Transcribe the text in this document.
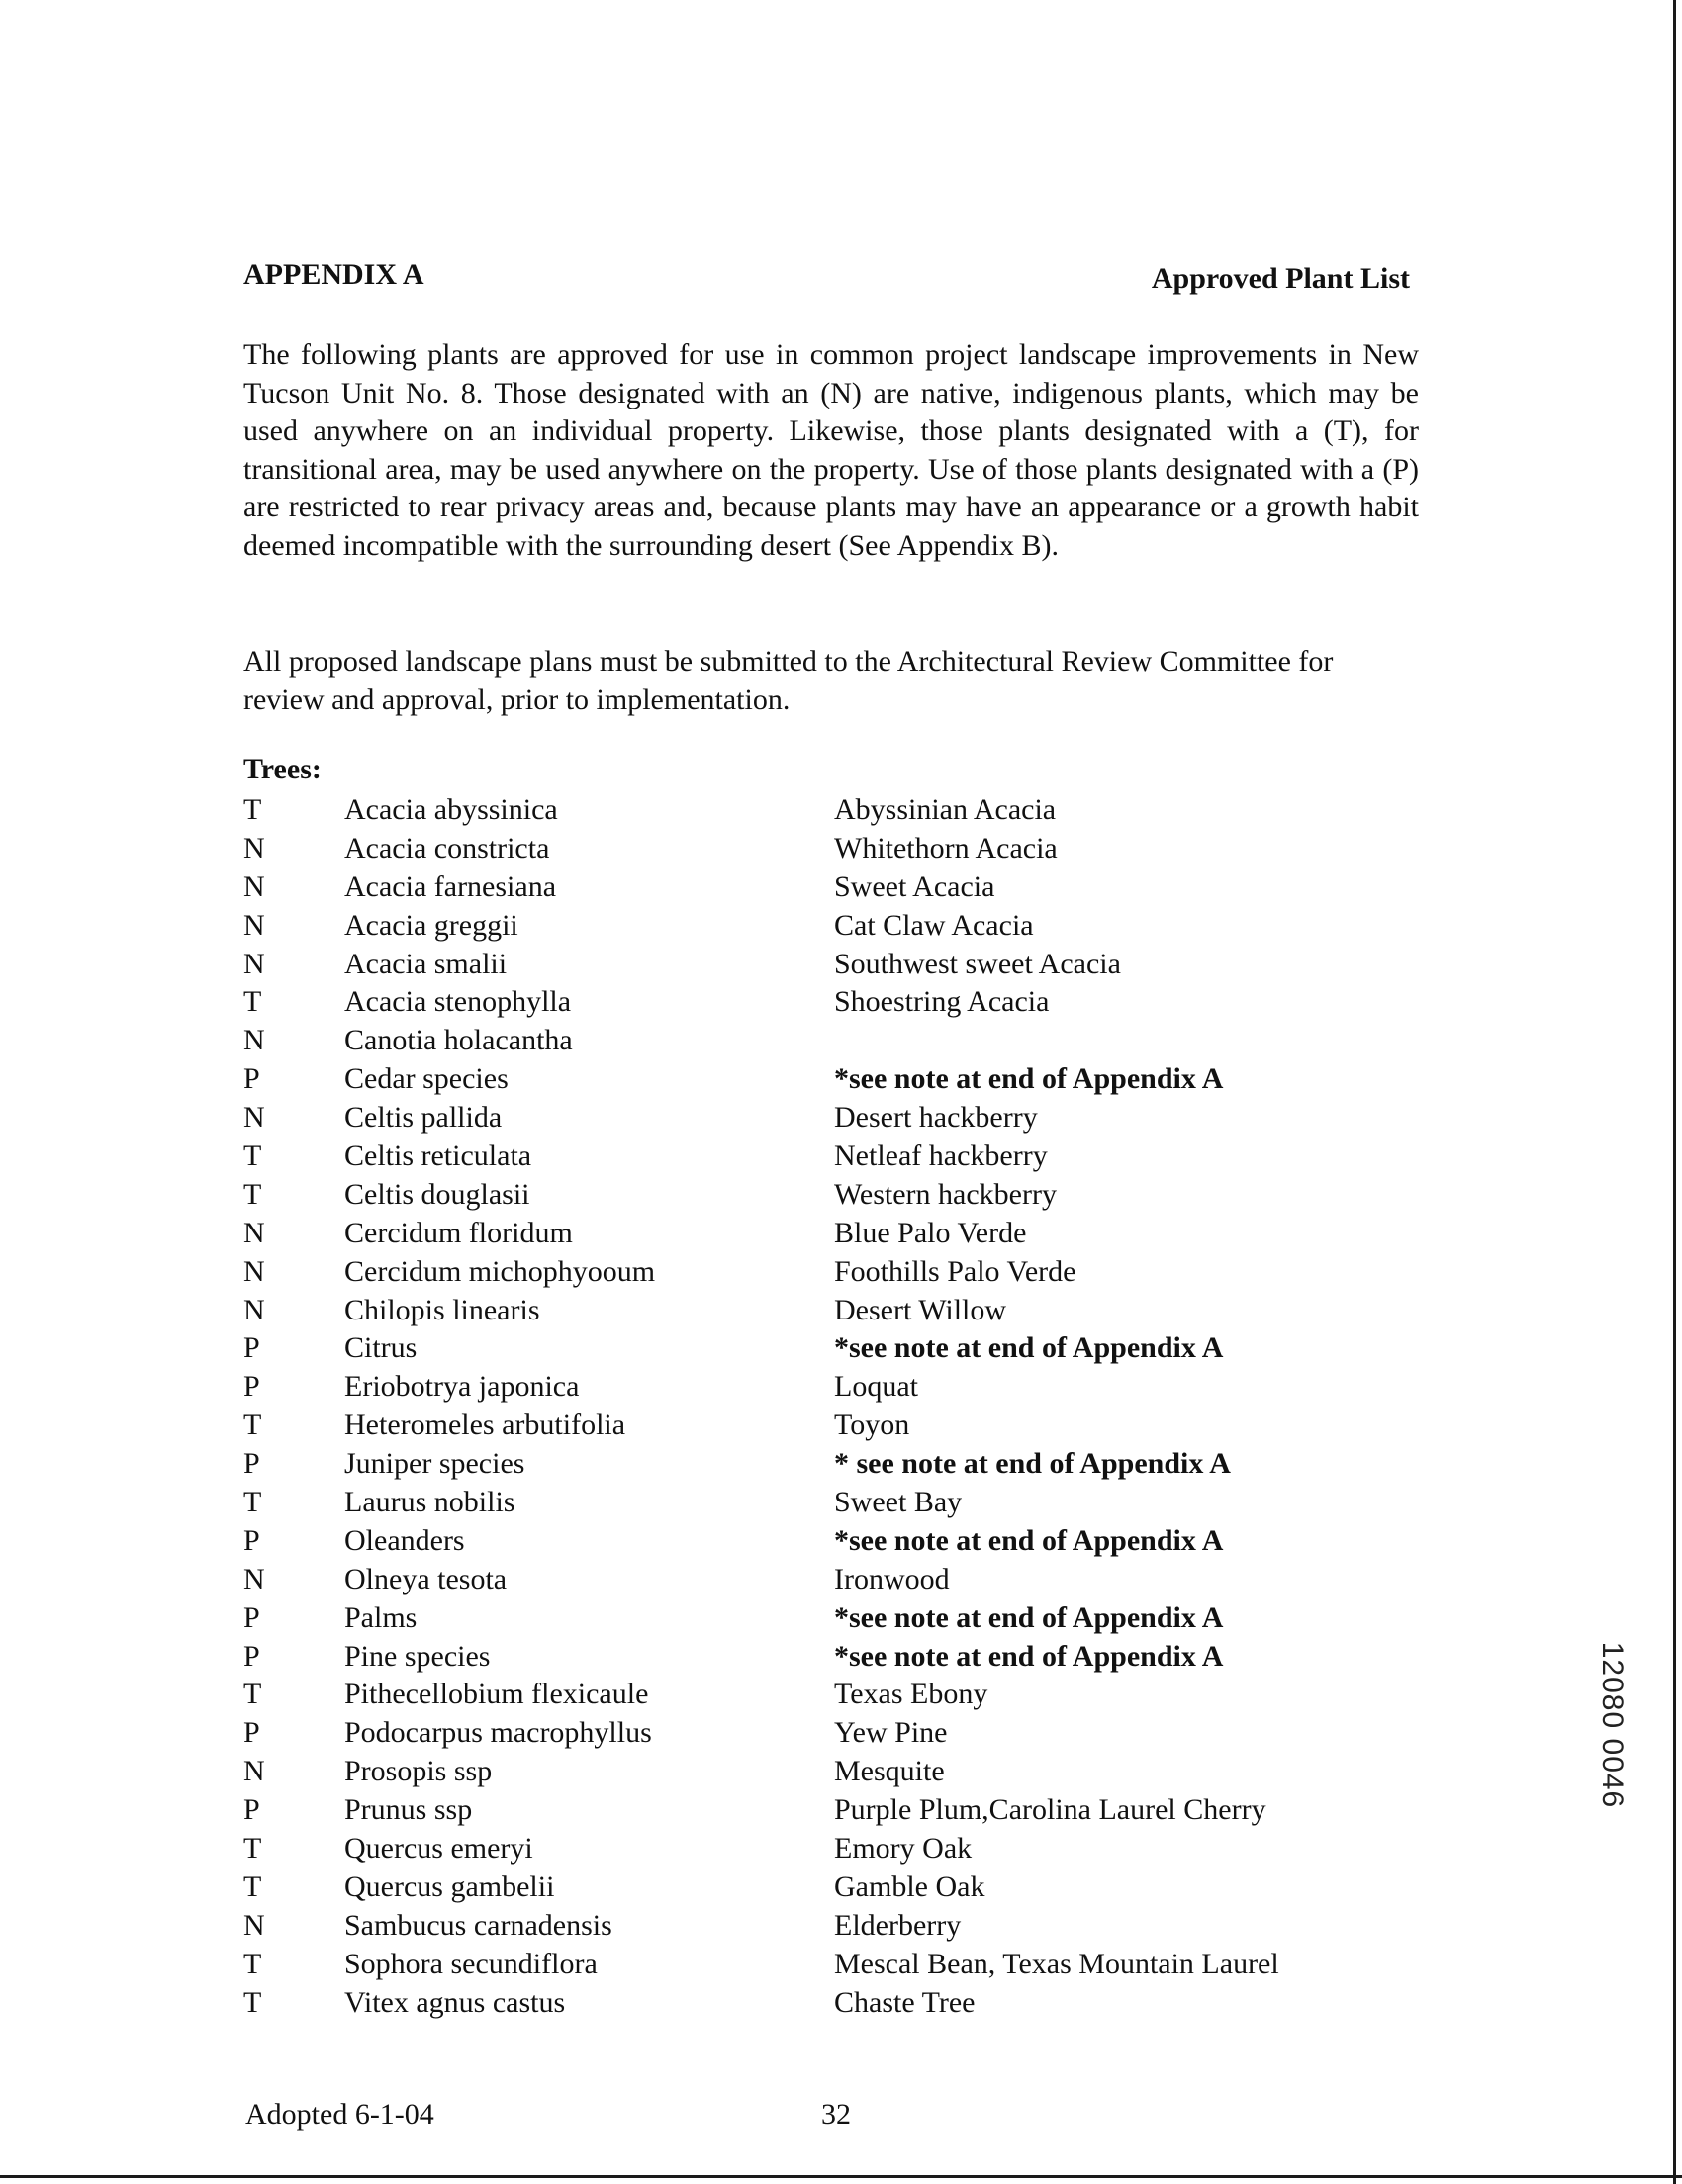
APPENDIX A	Approved Plant List

The following plants are approved for use in common project landscape improvements in New Tucson Unit No. 8. Those designated with an (N) are native, indigenous plants, which may be used anywhere on an individual property. Likewise, those plants designated with a (T), for transitional area, may be used anywhere on the property. Use of those plants designated with a (P) are restricted to rear privacy areas and, because plants may have an appearance or a growth habit deemed incompatible with the surrounding desert (See Appendix B).

All proposed landscape plans must be submitted to the Architectural Review Committee for review and approval, prior to implementation.

Trees:
T	Acacia abyssinica	Abyssinian Acacia
N	Acacia constricta	Whitethorn Acacia
N	Acacia farnesiana	Sweet Acacia
N	Acacia greggii	Cat Claw Acacia
N	Acacia smalii	Southwest sweet Acacia
T	Acacia stenophylla	Shoestring Acacia
N	Canotia holacantha
P	Cedar species	*see note at end of Appendix A
N	Celtis pallida	Desert hackberry
T	Celtis reticulata	Netleaf hackberry
T	Celtis douglasii	Western hackberry
N	Cercidum floridum	Blue Palo Verde
N	Cercidum michophyooum	Foothills Palo Verde
N	Chilopis linearis	Desert Willow
P	Citrus	*see note at end of Appendix A
P	Eriobotrya japonica	Loquat
T	Heteromeles arbutifolia	Toyon
P	Juniper species	* see note at end of Appendix A
T	Laurus nobilis	Sweet Bay
P	Oleanders	*see note at end of Appendix A
N	Olneya tesota	Ironwood
P	Palms	*see note at end of Appendix A
P	Pine species	*see note at end of Appendix A
T	Pithecellobium flexicaule	Texas Ebony
P	Podocarpus macrophyllus	Yew Pine
N	Prosopis ssp	Mesquite
P	Prunus ssp	Purple Plum,Carolina Laurel Cherry
T	Quercus emeryi	Emory Oak
T	Quercus gambelii	Gamble Oak
N	Sambucus carnadensis	Elderberry
T	Sophora secundiflora	Mescal Bean, Texas Mountain Laurel
T	Vitex agnus castus	Chaste Tree
12080 0046

Adopted 6-1-04	32
